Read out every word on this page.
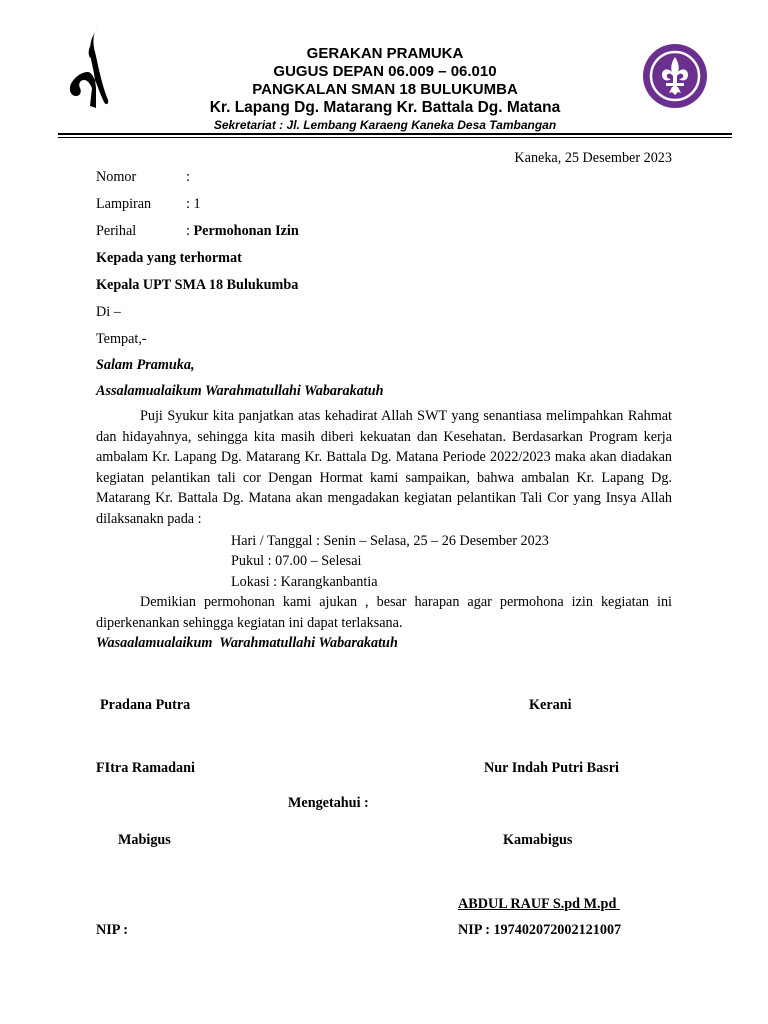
GERAKAN PRAMUKA
GUGUS DEPAN 06.009 – 06.010
PANGKALAN SMAN 18 BULUKUMBA
Kr. Lapang Dg. Matarang Kr. Battala Dg. Matana
Sekretariat : Jl. Lembang Karaeng Kaneka Desa Tambangan
Kaneka, 25 Desember 2023
Nomor	:
Lampiran : 1
Perihal	: Permohonan Izin
Kepada yang terhormat
Kepala UPT SMA 18 Bulukumba
Di –
Tempat,-
Salam Pramuka,
Assalamualaikum Warahmatullahi Wabarakatuh
Puji Syukur kita panjatkan atas kehadirat Allah SWT yang senantiasa melimpahkan Rahmat dan hidayahnya, sehingga kita masih diberi kekuatan dan Kesehatan. Berdasarkan Program kerja ambalam Kr. Lapang Dg. Matarang Kr. Battala Dg. Matana Periode 2022/2023 maka akan diadakan kegiatan pelantikan tali cor Dengan Hormat kami sampaikan, bahwa ambalan Kr. Lapang Dg. Matarang Kr. Battala Dg. Matana akan mengadakan kegiatan pelantikan Tali Cor yang Insya Allah dilaksanakn pada :
Hari / Tanggal : Senin – Selasa, 25 – 26 Desember 2023
Pukul : 07.00 – Selesai
Lokasi : Karangkanbantia
Demikian permohonan kami ajukan , besar harapan agar permohona izin kegiatan ini diperkenankan sehingga kegiatan ini dapat terlaksana.
Wasaalamualaikum  Warahmatullahi Wabarakatuh
Pradana Putra	Kerani
FItra Ramadani	Nur Indah Putri Basri
Mengetahui :
Mabigus	Kamabigus
ABDUL RAUF S.pd M.pd
NIP :	NIP : 197402072002121007
